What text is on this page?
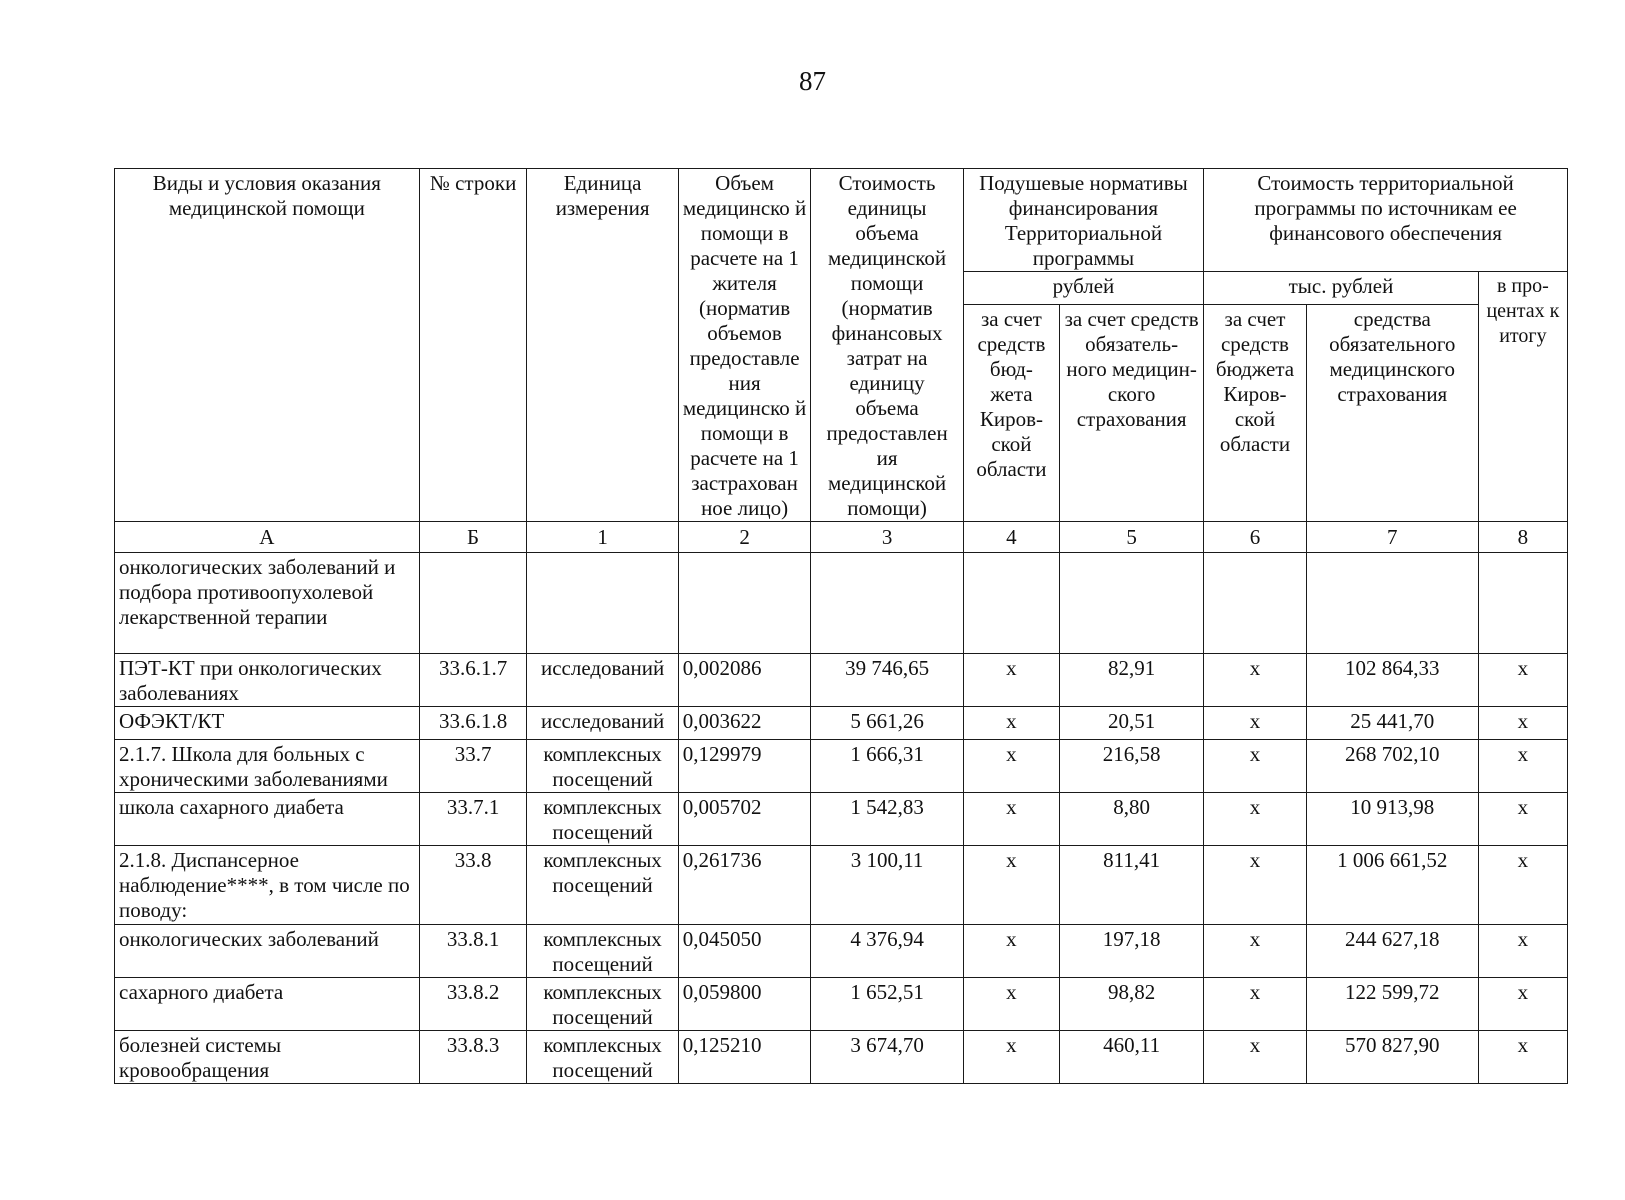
87
Виды и условия оказания медицинской помощи	№ строки	Единица измерения	Объем медицинско й помощи в расчете на 1 жителя (норматив объемов предоставле ния медицинско й помощи в расчете на 1 застрахован ное лицо)	Стоимость единицы объема медицинской помощи (норматив финансовых затрат на единицу объема предоставлен ия медицинской помощи)	Подушевые нормативы финансирования Территориальной программы		Стоимость территориальной программы по источникам ее финансового обеспечения		
					рублей		тыс. рублей		в про- центах к итогу
					за счет средств бюд- жета Киров- ской области	за счет средств обязатель- ного медицин- ского страхования	за счет средств бюджета Киров- ской области	средства обязательного медицинского страхования	
А	Б	1	2	3	4	5	6	7	8
онкологических заболеваний и подбора противоопухолевой лекарственной терапии									
ПЭТ-КТ при онкологических заболеваниях	33.6.1.7	исследований	0,002086	39 746,65	х	82,91	х	102 864,33	х
ОФЭКТ/КТ	33.6.1.8	исследований	0,003622	5 661,26	х	20,51	х	25 441,70	х
2.1.7. Школа для больных с хроническими заболеваниями	33.7	комплексных посещений	0,129979	1 666,31	х	216,58	х	268 702,10	х
школа сахарного диабета	33.7.1	комплексных посещений	0,005702	1 542,83	х	8,80	х	10 913,98	х
2.1.8. Диспансерное наблюдение****, в том числе по поводу:	33.8	комплексных посещений	0,261736	3 100,11	х	811,41	х	1 006 661,52	х
онкологических заболеваний	33.8.1	комплексных посещений	0,045050	4 376,94	х	197,18	х	244 627,18	х
сахарного диабета	33.8.2	комплексных посещений	0,059800	1 652,51	х	98,82	х	122 599,72	х
болезней системы кровообращения	33.8.3	комплексных посещений	0,125210	3 674,70	х	460,11	х	570 827,90	х
